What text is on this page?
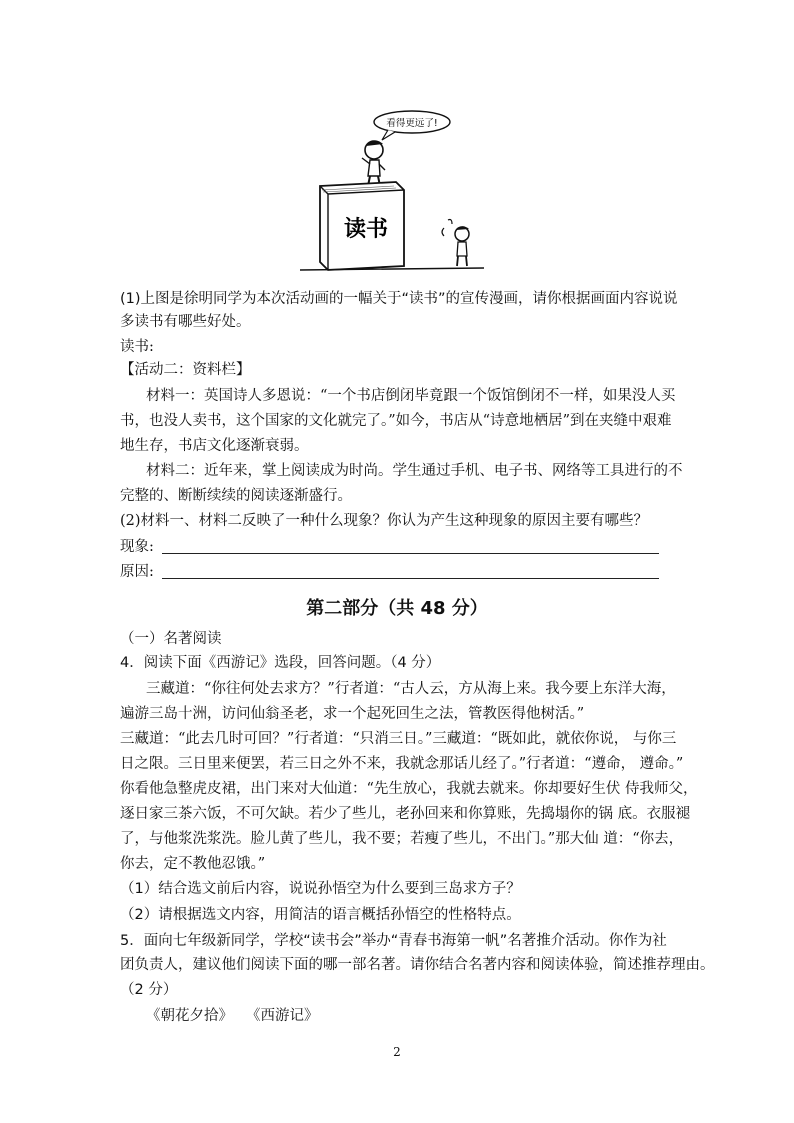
看得更远了!
读书
(1)上图是徐明同学为本次活动画的一幅关于“读书”的宣传漫画，请你根据画面内容说说
多读书有哪些好处。
读书:
【活动二：资料栏】
材料一：英国诗人多恩说：“一个书店倒闭毕竟跟一个饭馆倒闭不一样，如果没人买
书，也没人卖书，这个国家的文化就完了。”如今，书店从“诗意地栖居”到在夹缝中艰难
地生存，书店文化逐渐衰弱。
材料二：近年来，掌上阅读成为时尚。学生通过手机、电子书、网络等工具进行的不
完整的、断断续续的阅读逐渐盛行。
(2)材料一、材料二反映了一种什么现象？你认为产生这种现象的原因主要有哪些？
现象:
原因:
第二部分（共 48 分）
（一）名著阅读
4．阅读下面《西游记》选段，回答问题。（4 分）
三藏道：“你往何处去求方？”行者道：“古人云，方从海上来。我今要上东洋大海，
遍游三岛十洲，访问仙翁圣老，求一个起死回生之法，管教医得他树活。”
三藏道：“此去几时可回？”行者道：“只消三日。”三藏道：“既如此，就依你说， 与你三
日之限。三日里来便罢，若三日之外不来，我就念那话儿经了。”行者道：“遵命， 遵命。”
你看他急整虎皮裙，出门来对大仙道：“先生放心，我就去就来。你却要好生伏 侍我师父，
逐日家三茶六饭，不可欠缺。若少了些儿，老孙回来和你算账，先捣塌你的锅 底。衣服褪
了，与他浆洗浆洗。脸儿黄了些儿，我不要；若瘦了些儿，不出门。”那大仙 道：“你去，
你去，定不教他忍饿。”
（1）结合选文前后内容，说说孙悟空为什么要到三岛求方子？
（2）请根据选文内容，用简洁的语言概括孙悟空的性格特点。
5．面向七年级新同学，学校“读书会”举办“青春书海第一帆”名著推介活动。你作为社
团负责人，建议他们阅读下面的哪一部名著。请你结合名著内容和阅读体验，简述推荐理由。
（2 分）
《朝花夕拾》 《西游记》
2
